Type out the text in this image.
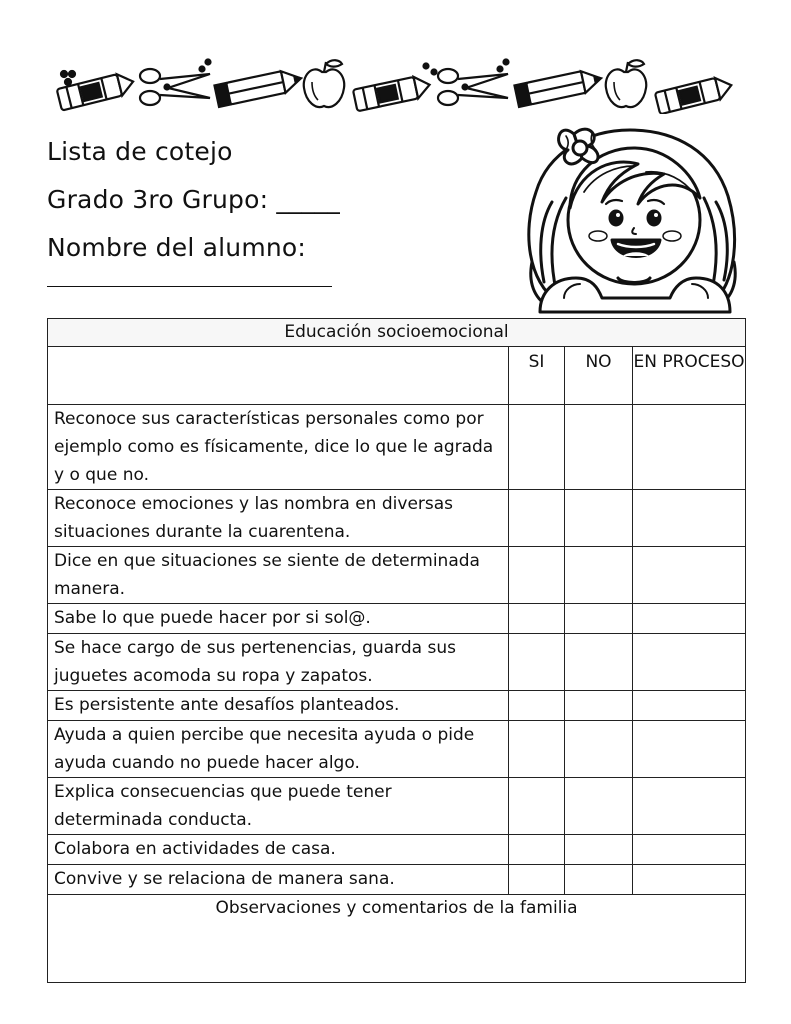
Lista de cotejo
Grado 3ro Grupo: _____
Nombre del alumno:
Educación socioemocional			
	SI	NO	EN PROCESO
Reconoce sus características personales como por ejemplo como es físicamente, dice lo que le agrada y o que no.			
Reconoce emociones y las nombra en diversas situaciones durante la cuarentena.			
Dice en que situaciones se siente de determinada manera.			
Sabe lo que puede hacer por si sol@.			
Se hace cargo de sus pertenencias, guarda sus juguetes acomoda su ropa y zapatos.			
Es persistente ante desafíos planteados.			
Ayuda a quien percibe que necesita ayuda o pide ayuda cuando no puede hacer algo.			
Explica consecuencias que puede tener determinada conducta.			
Colabora en actividades de casa.			
Convive y se relaciona de manera sana.			
Observaciones y comentarios de la familia			
